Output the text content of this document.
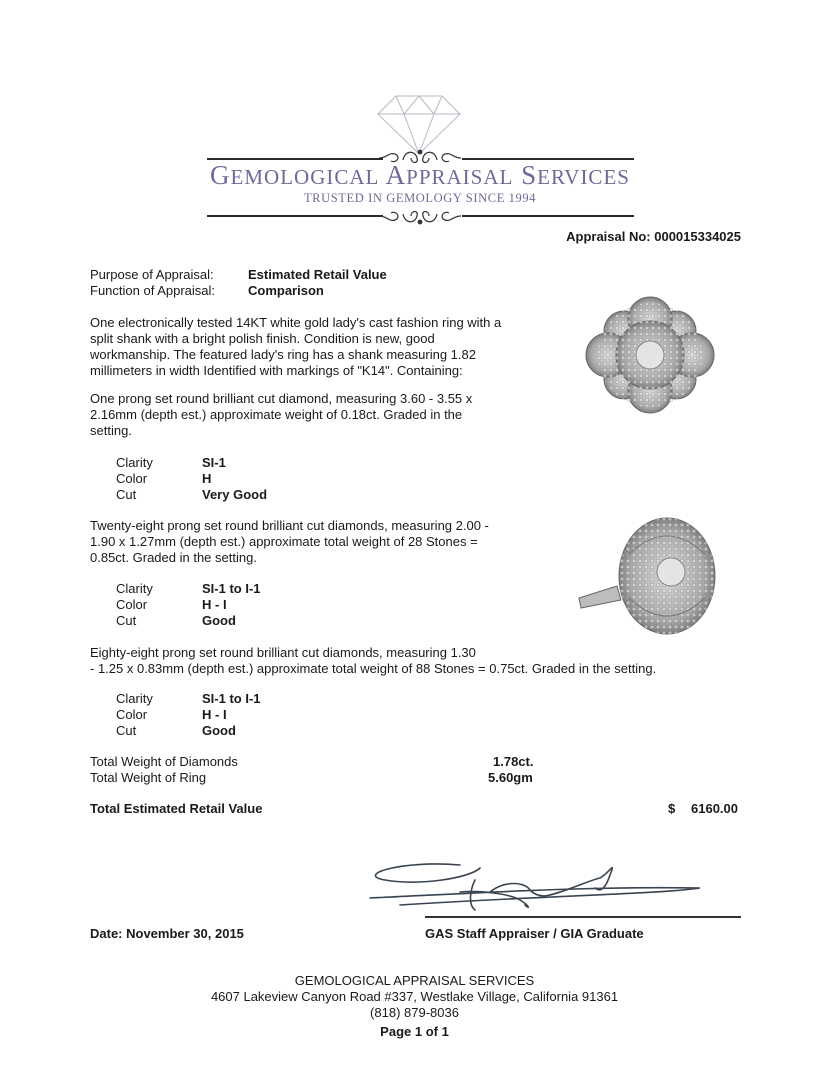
GEMOLOGICAL APPRAISAL SERVICES
TRUSTED IN GEMOLOGY SINCE 1994
Appraisal No: 000015334025
Purpose of Appraisal:	Estimated Retail Value
Function of Appraisal:	Comparison
One electronically tested 14KT white gold lady's cast fashion ring with a split shank with a bright polish finish. Condition is new, good workmanship. The featured lady's ring has a shank measuring 1.82 millimeters in width Identified with markings of "K14". Containing:
One prong set round brilliant cut diamond, measuring 3.60 - 3.55 x 2.16mm (depth est.) approximate weight of 0.18ct. Graded in the setting.
Clarity	SI-1
Color	H
Cut	Very Good
Twenty-eight prong set round brilliant cut diamonds, measuring 2.00 - 1.90 x 1.27mm (depth est.) approximate total weight of 28 Stones = 0.85ct. Graded in the setting.
Clarity	SI-1 to I-1
Color	H - I
Cut	Good
Eighty-eight prong set round brilliant cut diamonds, measuring 1.30
- 1.25 x 0.83mm (depth est.) approximate total weight of 88 Stones = 0.75ct. Graded in the setting.
Clarity	SI-1 to I-1
Color	H - I
Cut	Good
Total Weight of Diamonds	1.78ct.
Total Weight of Ring	5.60gm
Total Estimated Retail Value	$ 6160.00
Date: November 30, 2015	GAS Staff Appraiser / GIA Graduate
GEMOLOGICAL APPRAISAL SERVICES
4607 Lakeview Canyon Road #337, Westlake Village, California 91361
(818) 879-8036
Page 1 of 1
